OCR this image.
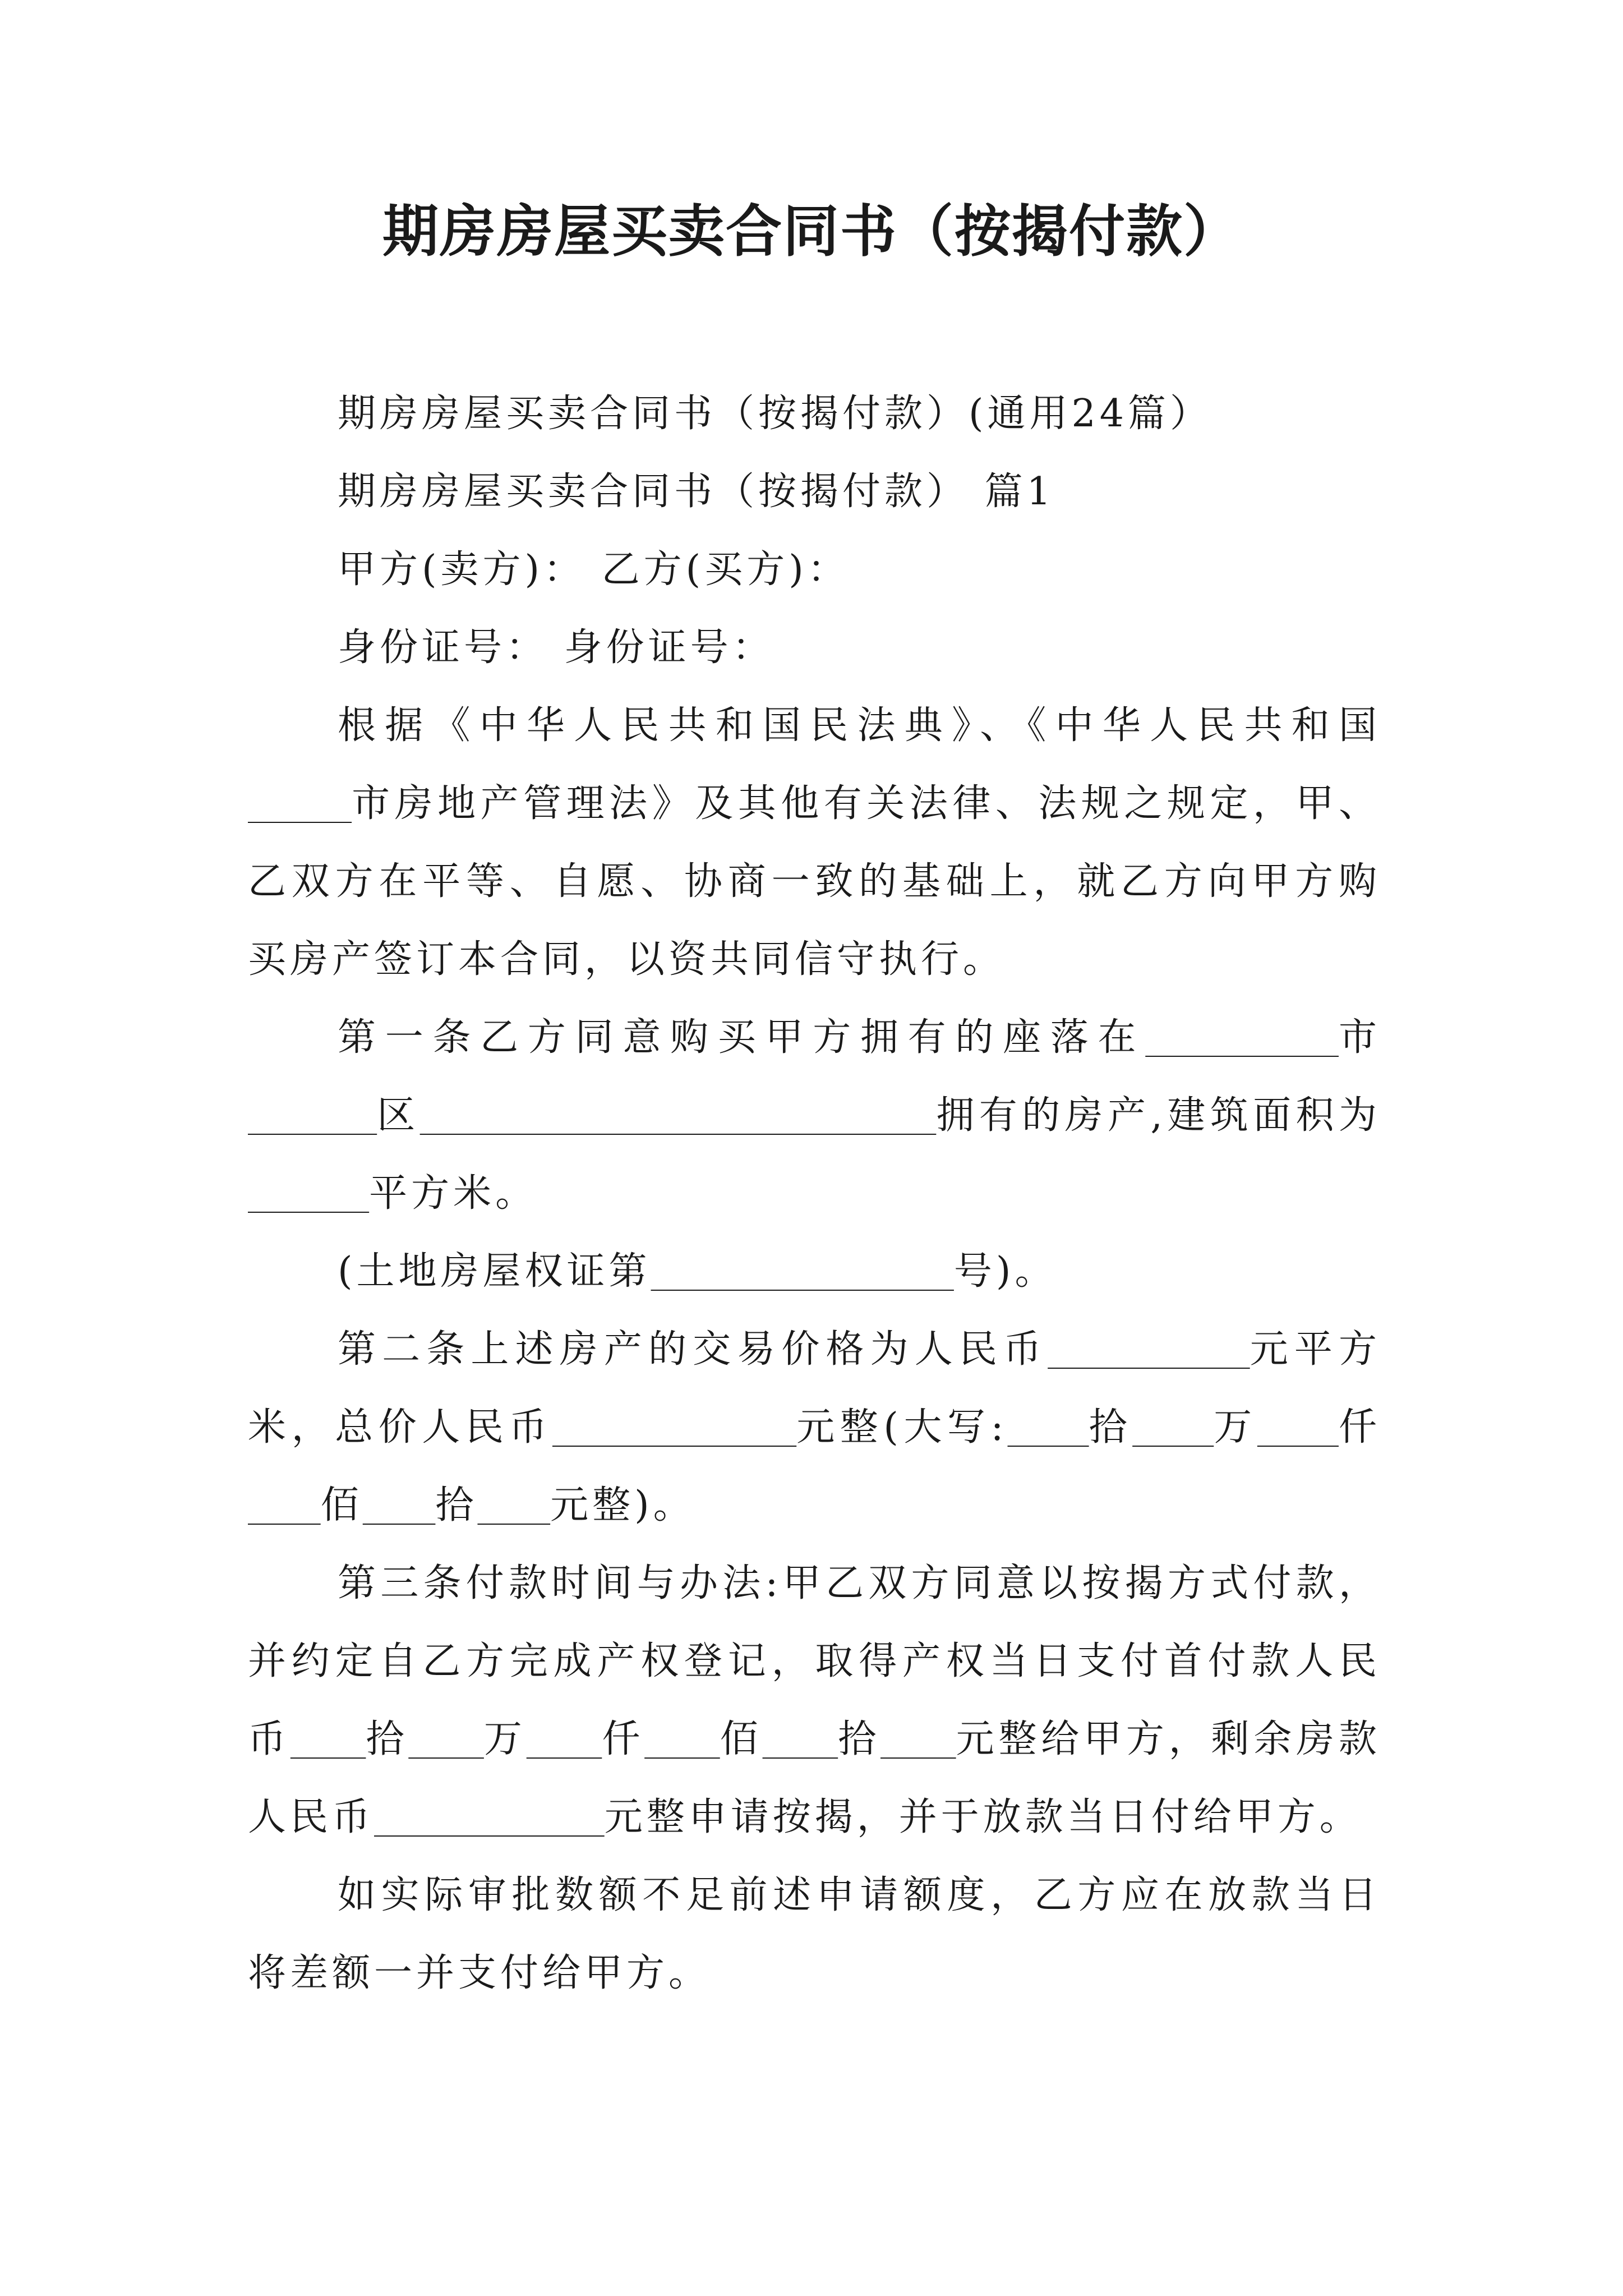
期房房屋买卖合同书（按揭付款）

期房房屋买卖合同书（按揭付款）(通用24篇）

期房房屋买卖合同书（按揭付款） 篇1

甲方(卖方)： 乙方(买方)：

身份证号： 身份证号：

根据《中华人民共和国民法典》、《中华人民共和国        市房地产管理法》及其他有关法律、法规之规定，甲、乙双方在平等、自愿、协商一致的基础上，就乙方向甲方购买房产签订本合同，以资共同信守执行。

第一条乙方同意购买甲方拥有的座落在	市          区	拥有的房产,建筑面积为          平方米。

(土地房屋权证第	号)。

第二条上述房产的交易价格为人民币	元平方米，总价人民币	元整(大写: 拾 万 仟      佰 拾 元整)。

第三条付款时间与办法:甲乙双方同意以按揭方式付款，并约定自乙方完成产权登记，取得产权当日支付首付款人民币 拾 万 仟 佰 拾 元整给甲方，剩余房款人民币	元整申请按揭，并于放款当日付给甲方。

如实际审批数额不足前述申请额度，乙方应在放款当日将差额一并支付给甲方。
